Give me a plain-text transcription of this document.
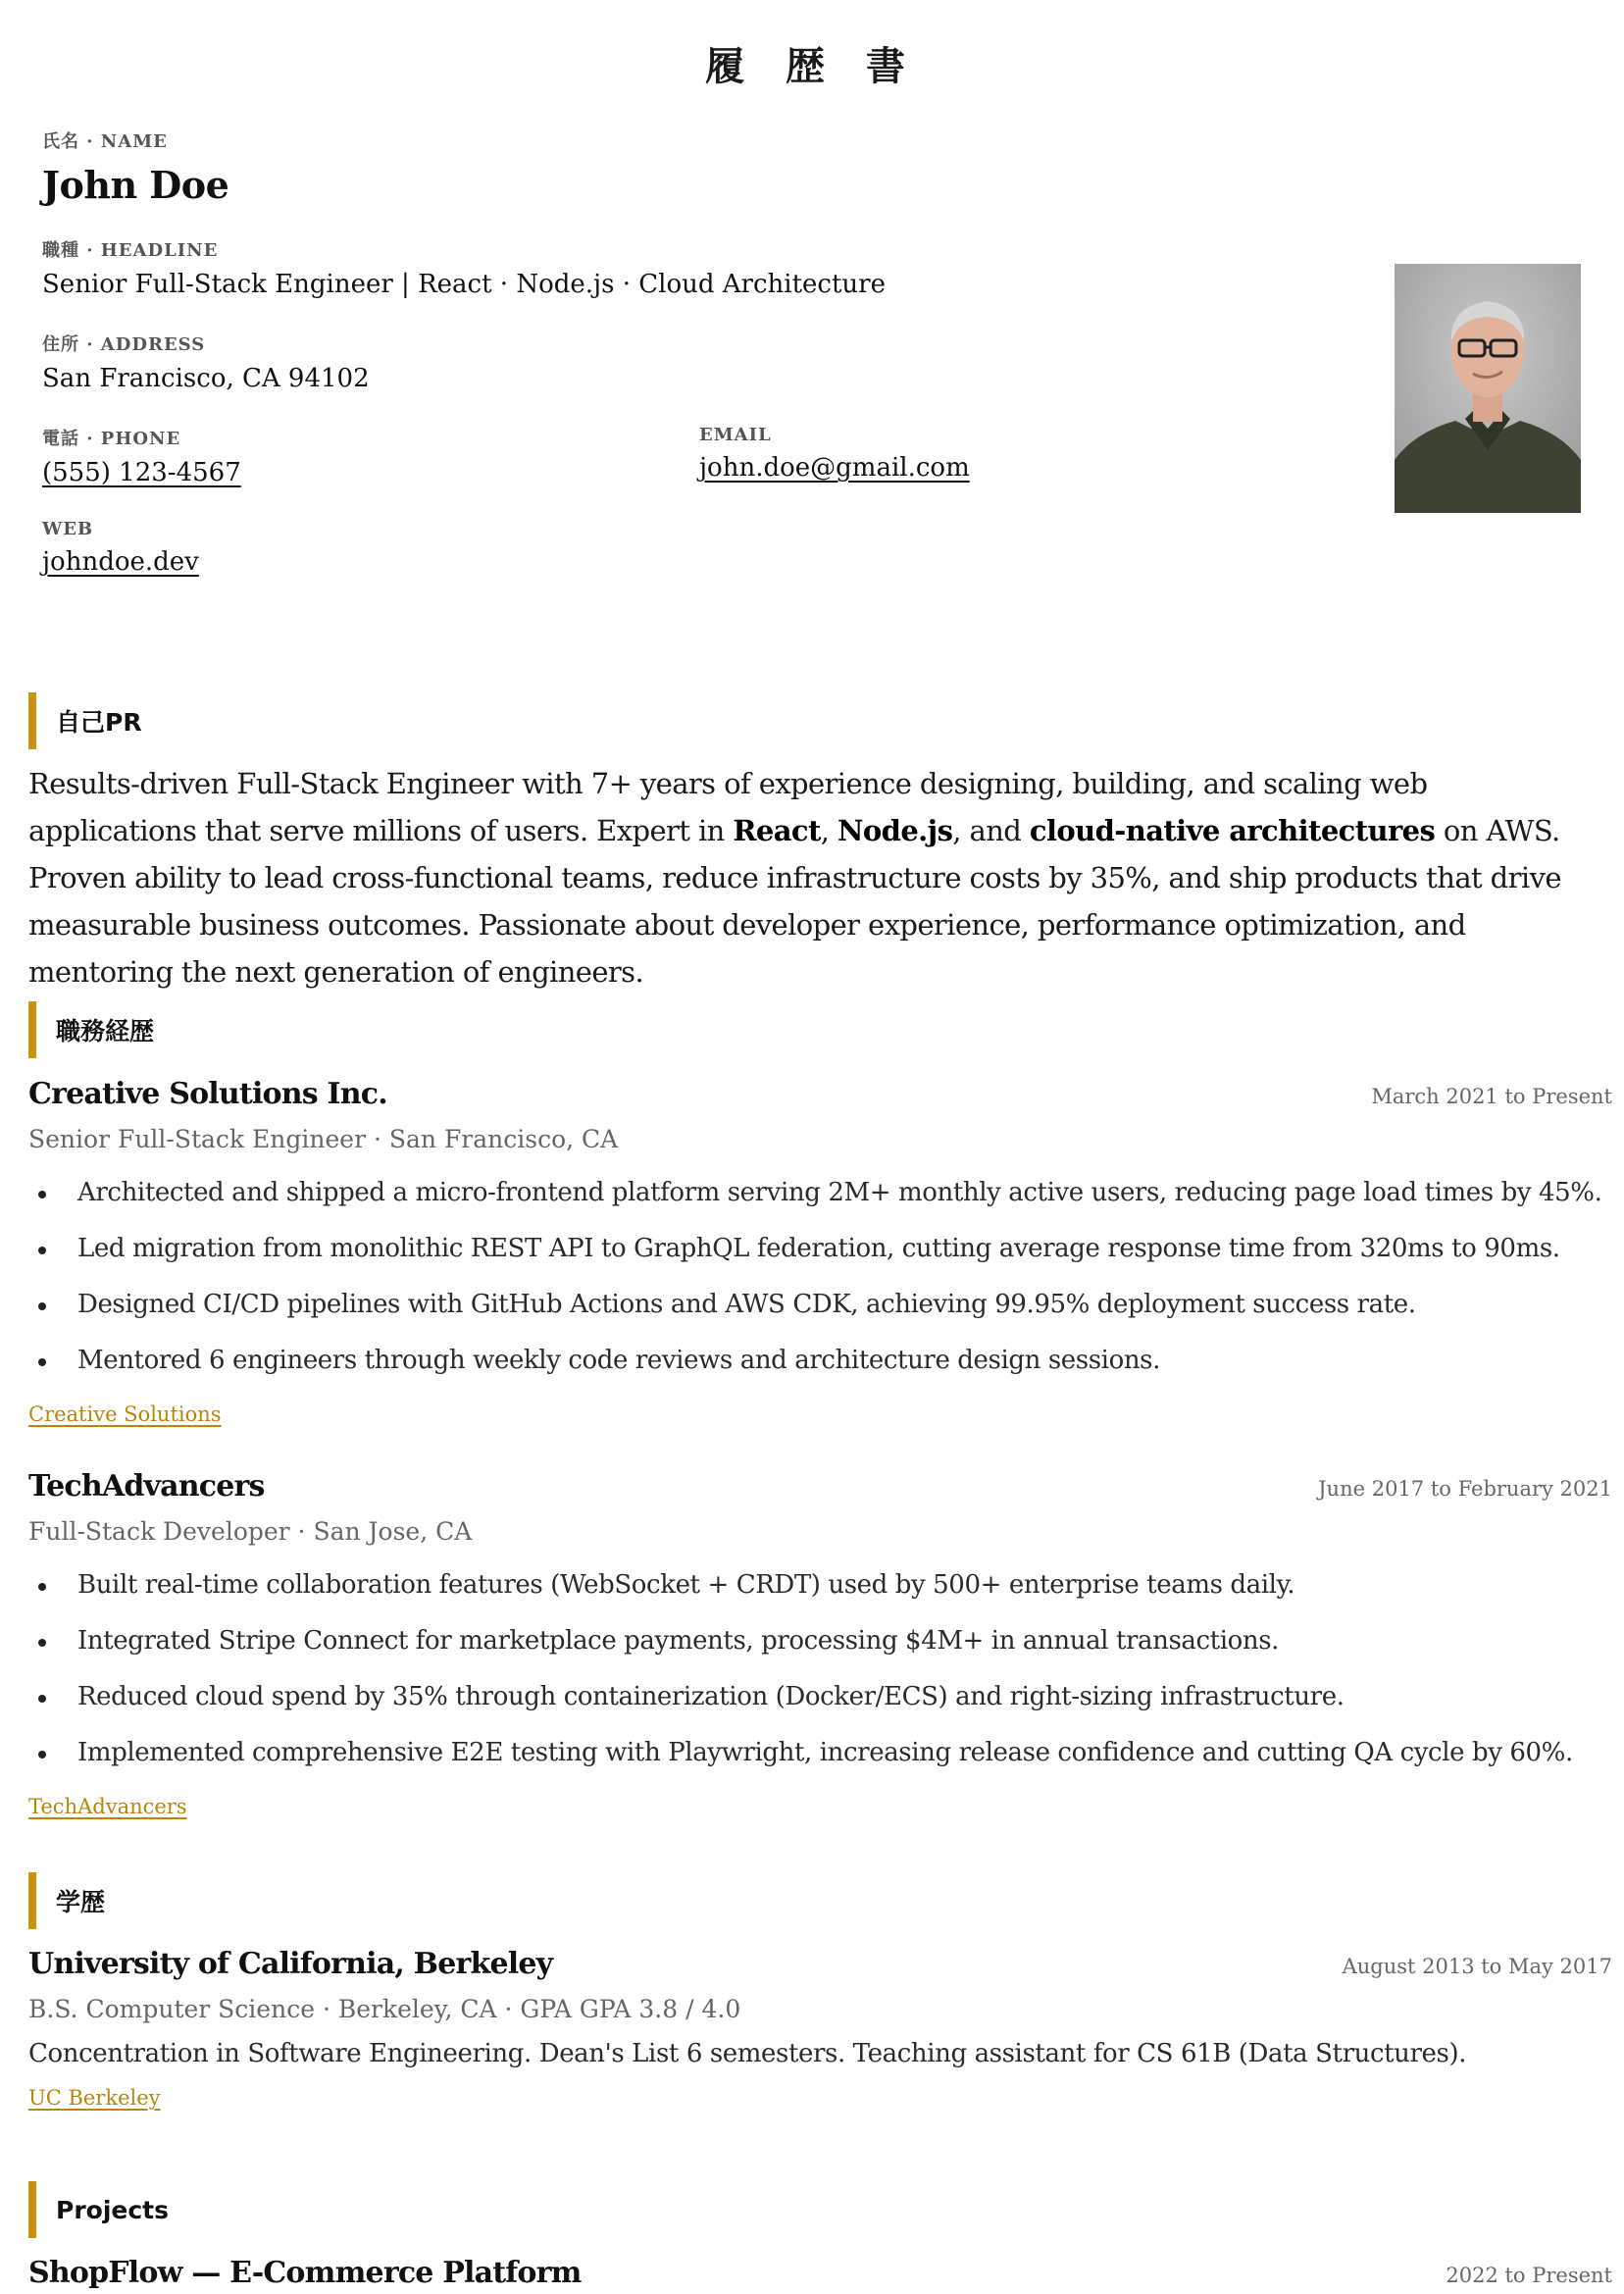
履 歴 書
氏名 · NAME
John Doe
職種 · HEADLINE
Senior Full-Stack Engineer | React · Node.js · Cloud Architecture
住所 · ADDRESS
San Francisco, CA 94102
電話 · PHONE
(555) 123-4567
EMAIL
john.doe@gmail.com
WEB
johndoe.dev
自己PR
Results-driven Full-Stack Engineer with 7+ years of experience designing, building, and scaling web applications that serve millions of users. Expert in React, Node.js, and cloud-native architectures on AWS. Proven ability to lead cross-functional teams, reduce infrastructure costs by 35%, and ship products that drive measurable business outcomes. Passionate about developer experience, performance optimization, and mentoring the next generation of engineers.
職務経歴
Creative Solutions Inc.	March 2021 to Present
Senior Full-Stack Engineer · San Francisco, CA
Architected and shipped a micro-frontend platform serving 2M+ monthly active users, reducing page load times by 45%.
Led migration from monolithic REST API to GraphQL federation, cutting average response time from 320ms to 90ms.
Designed CI/CD pipelines with GitHub Actions and AWS CDK, achieving 99.95% deployment success rate.
Mentored 6 engineers through weekly code reviews and architecture design sessions.
Creative Solutions
TechAdvancers	June 2017 to February 2021
Full-Stack Developer · San Jose, CA
Built real-time collaboration features (WebSocket + CRDT) used by 500+ enterprise teams daily.
Integrated Stripe Connect for marketplace payments, processing $4M+ in annual transactions.
Reduced cloud spend by 35% through containerization (Docker/ECS) and right-sizing infrastructure.
Implemented comprehensive E2E testing with Playwright, increasing release confidence and cutting QA cycle by 60%.
TechAdvancers
学歴
University of California, Berkeley	August 2013 to May 2017
B.S. Computer Science · Berkeley, CA · GPA GPA 3.8 / 4.0
Concentration in Software Engineering. Dean's List 6 semesters. Teaching assistant for CS 61B (Data Structures).
UC Berkeley
Projects
ShopFlow — E-Commerce Platform	2022 to Present
